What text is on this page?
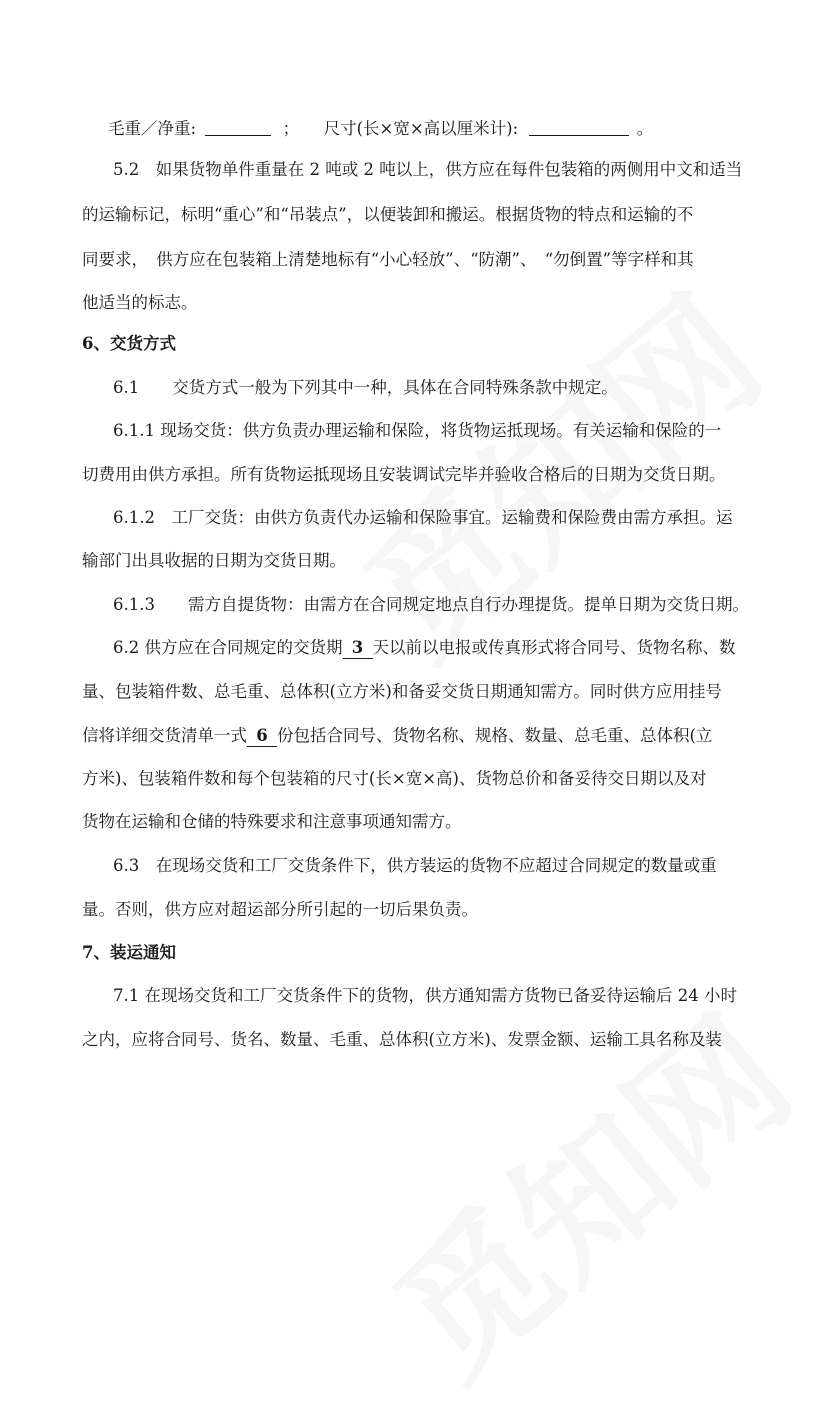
毛重／净重:	； 尺寸(长×宽×高以厘米计):	。
5.2　如果货物单件重量在 2 吨或 2 吨以上，供方应在每件包装箱的两侧用中文和适当
的运输标记，标明“重心”和“吊装点”，以便装卸和搬运。根据货物的特点和运输的不
同要求，　供方应在包装箱上清楚地标有“小心轻放”、“防潮”、　“勿倒置”等字样和其
他适当的标志。
6、交货方式
6.1　　交货方式一般为下列其中一种，具体在合同特殊条款中规定。
6.1.1 现场交货：供方负责办理运输和保险，将货物运抵现场。有关运输和保险的一
切费用由供方承担。所有货物运抵现场且安装调试完毕并验收合格后的日期为交货日期。
6.1.2　工厂交货：由供方负责代办运输和保险事宜。运输费和保险费由需方承担。运
输部门出具收据的日期为交货日期。
6.1.3　　需方自提货物：由需方在合同规定地点自行办理提货。提单日期为交货日期。
6.2 供方应在合同规定的交货期 3 天以前以电报或传真形式将合同号、货物名称、数
量、包装箱件数、总毛重、总体积(立方米)和备妥交货日期通知需方。同时供方应用挂号
信将详细交货清单一式 6 份包括合同号、货物名称、规格、数量、总毛重、总体积(立
方米)、包装箱件数和每个包装箱的尺寸(长×宽×高)、货物总价和备妥待交日期以及对
货物在运输和仓储的特殊要求和注意事项通知需方。
6.3　在现场交货和工厂交货条件下，供方装运的货物不应超过合同规定的数量或重
量。否则，供方应对超运部分所引起的一切后果负责。
7、装运通知
7.1 在现场交货和工厂交货条件下的货物，供方通知需方货物已备妥待运输后 24 小时
之内，应将合同号、货名、数量、毛重、总体积(立方米)、发票金额、运输工具名称及装
